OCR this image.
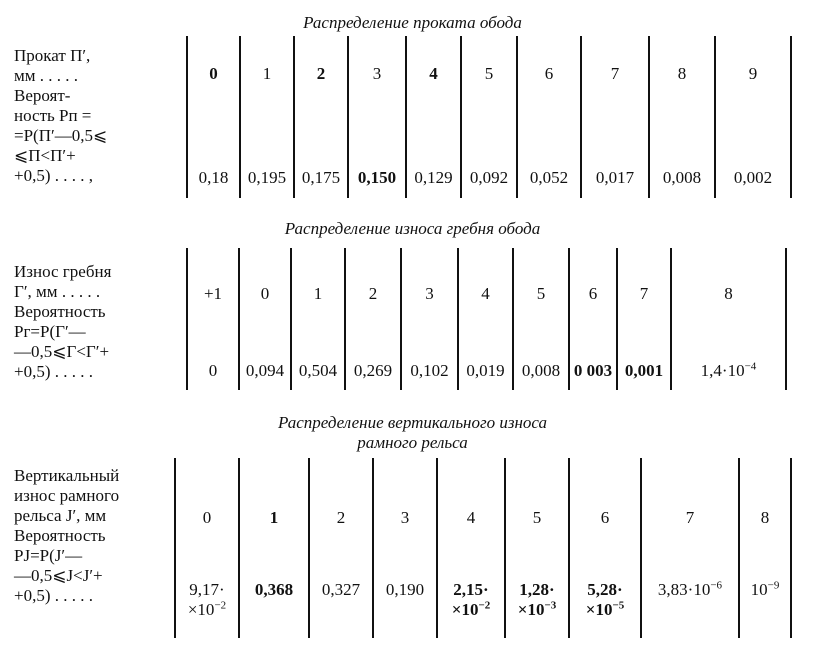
Распределение проката обода
Прокат П′,
мм . . . . .
Вероят-
ность Pп =
=P(П′—0,5⩽
⩽П<П′+
+0,5) . . . . ,
0
0,18
1
0,195
2
0,175
3
0,150
4
0,129
5
0,092
6
0,052
7
0,017
8
0,008
9
0,002
Распределение износа гребня обода
Износ гребня
Г′, мм . . . . .
Вероятность
Pг=P(Г′—
—0,5⩽Г<Г′+
+0,5) . . . . .
+1
0
0
0,094
1
0,504
2
0,269
3
0,102
4
0,019
5
0,008
6
0 003
7
0,001
8
$1,4\cdot 10^{-4}$
Распределение вертикального износа
рамного рельса
Вертикальный
износ рамного
рельса J′, мм
Вероятность
PJ=P(J′—
—0,5⩽J<J′+
+0,5) . . . . .
0
9,17·
$\times 10^{-2}$
1
0,368
2
0,327
3
0,190
4
2,15·
$\times 10^{-2}$
5
1,28·
$\times 10^{-3}$
6
5,28·
$\times 10^{-5}$
7
$3,83\cdot 10^{-6}$
8
$10^{-9}$
